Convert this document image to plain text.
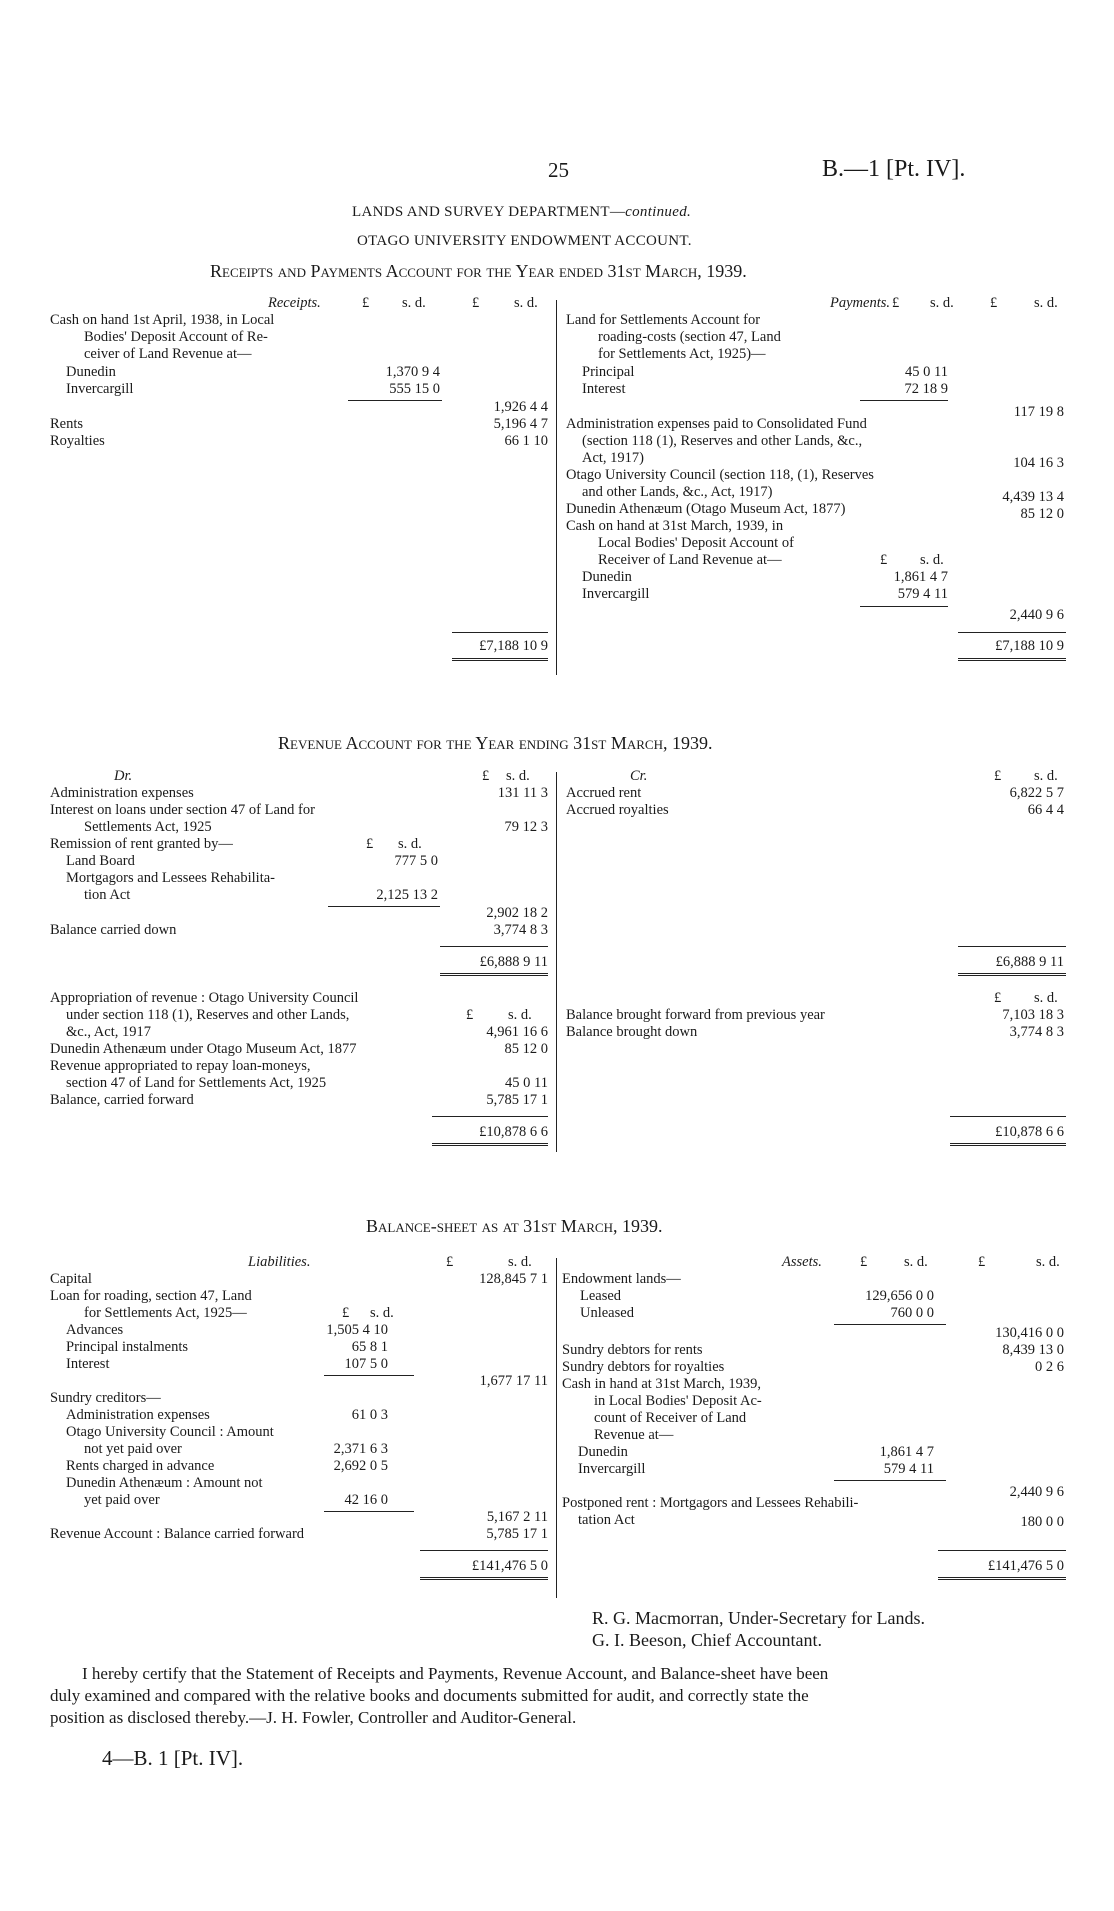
25	B.—1 [Pt. IV].
LANDS AND SURVEY DEPARTMENT—continued.
OTAGO UNIVERSITY ENDOWMENT ACCOUNT.
Receipts and Payments Account for the Year ended 31st March, 1939.
Receipts.	£ s. d.	£ s. d.
Cash on hand 1st April, 1938, in Local
Bodies' Deposit Account of Re-
ceiver of Land Revenue at—
Dunedin	1,370 9 4
Invercargill	555 15 0
1,926 4 4
Rents	5,196 4 7
Royalties	66 1 10
£7,188 10 9
Payments. £ s. d. £	s. d.
Land for Settlements Account for
roading-costs (section 47, Land
for Settlements Act, 1925)—
Principal	45 0 11
Interest	72 18 9
117 19 8
Administration expenses paid to Consolidated Fund
(section 118 (1), Reserves and other Lands, &c.,
Act, 1917)	104 16 3
Otago University Council (section 118, (1), Reserves
and other Lands, &c., Act, 1917)	4,439 13 4
Dunedin Athenæum (Otago Museum Act, 1877)	85 12 0
Cash on hand at 31st March, 1939, in
Local Bodies' Deposit Account of
Receiver of Land Revenue at—	£ s. d.
Dunedin	1,861 4 7
Invercargill	579 4 11
2,440 9 6
£7,188 10 9
Revenue Account for the Year ending 31st March, 1939.
Dr.	£ s. d.
Administration expenses	131 11 3
Interest on loans under section 47 of Land for
Settlements Act, 1925	79 12 3
Remission of rent granted by—	£ s. d.
Land Board	777 5 0
Mortgagors and Lessees Rehabilita-
tion Act	2,125 13 2
2,902 18 2
Balance carried down	3,774 8 3
£6,888 9 11
Appropriation of revenue : Otago University Council
under section 118 (1), Reserves and other Lands,	£ s. d.
&c., Act, 1917	4,961 16 6
Dunedin Athenæum under Otago Museum Act, 1877	85 12 0
Revenue appropriated to repay loan-moneys,
section 47 of Land for Settlements Act, 1925	45 0 11
Balance, carried forward	5,785 17 1
£10,878 6 6
Cr.	£ s. d.
Accrued rent	6,822 5 7
Accrued royalties	66 4 4
£6,888 9 11
£ s. d.
Balance brought forward from previous year	7,103 18 3
Balance brought down	3,774 8 3
£10,878 6 6
Balance-sheet as at 31st March, 1939.
Liabilities.	£	s. d.
Capital	128,845 7 1
Loan for roading, section 47, Land
for Settlements Act, 1925—	£ s. d.
Advances	1,505 4 10
Principal instalments	65 8 1
Interest	107 5 0
1,677 17 11
Sundry creditors—
Administration expenses	61 0 3
Otago University Council : Amount
not yet paid over	2,371 6 3
Rents charged in advance	2,692 0 5
Dunedin Athenæum : Amount not
yet paid over	42 16 0
5,167 2 11
Revenue Account : Balance carried forward	5,785 17 1
£141,476 5 0
Assets.	£	s. d.	£	s. d.
Endowment lands—
Leased	129,656 0 0
Unleased	760 0 0
130,416 0 0
Sundry debtors for rents	8,439 13 0
Sundry debtors for royalties	0 2 6
Cash in hand at 31st March, 1939,
in Local Bodies' Deposit Ac-
count of Receiver of Land
Revenue at—
Dunedin	1,861 4 7
Invercargill	579 4 11
2,440 9 6
Postponed rent : Mortgagors and Lessees Rehabili-
tation Act	180 0 0
£141,476 5 0
R. G. Macmorran, Under-Secretary for Lands.
G. I. Beeson, Chief Accountant.
I hereby certify that the Statement of Receipts and Payments, Revenue Account, and Balance-sheet have been
duly examined and compared with the relative books and documents submitted for audit, and correctly state the
position as disclosed thereby.—J. H. Fowler, Controller and Auditor-General.
4—B. 1 [Pt. IV].
